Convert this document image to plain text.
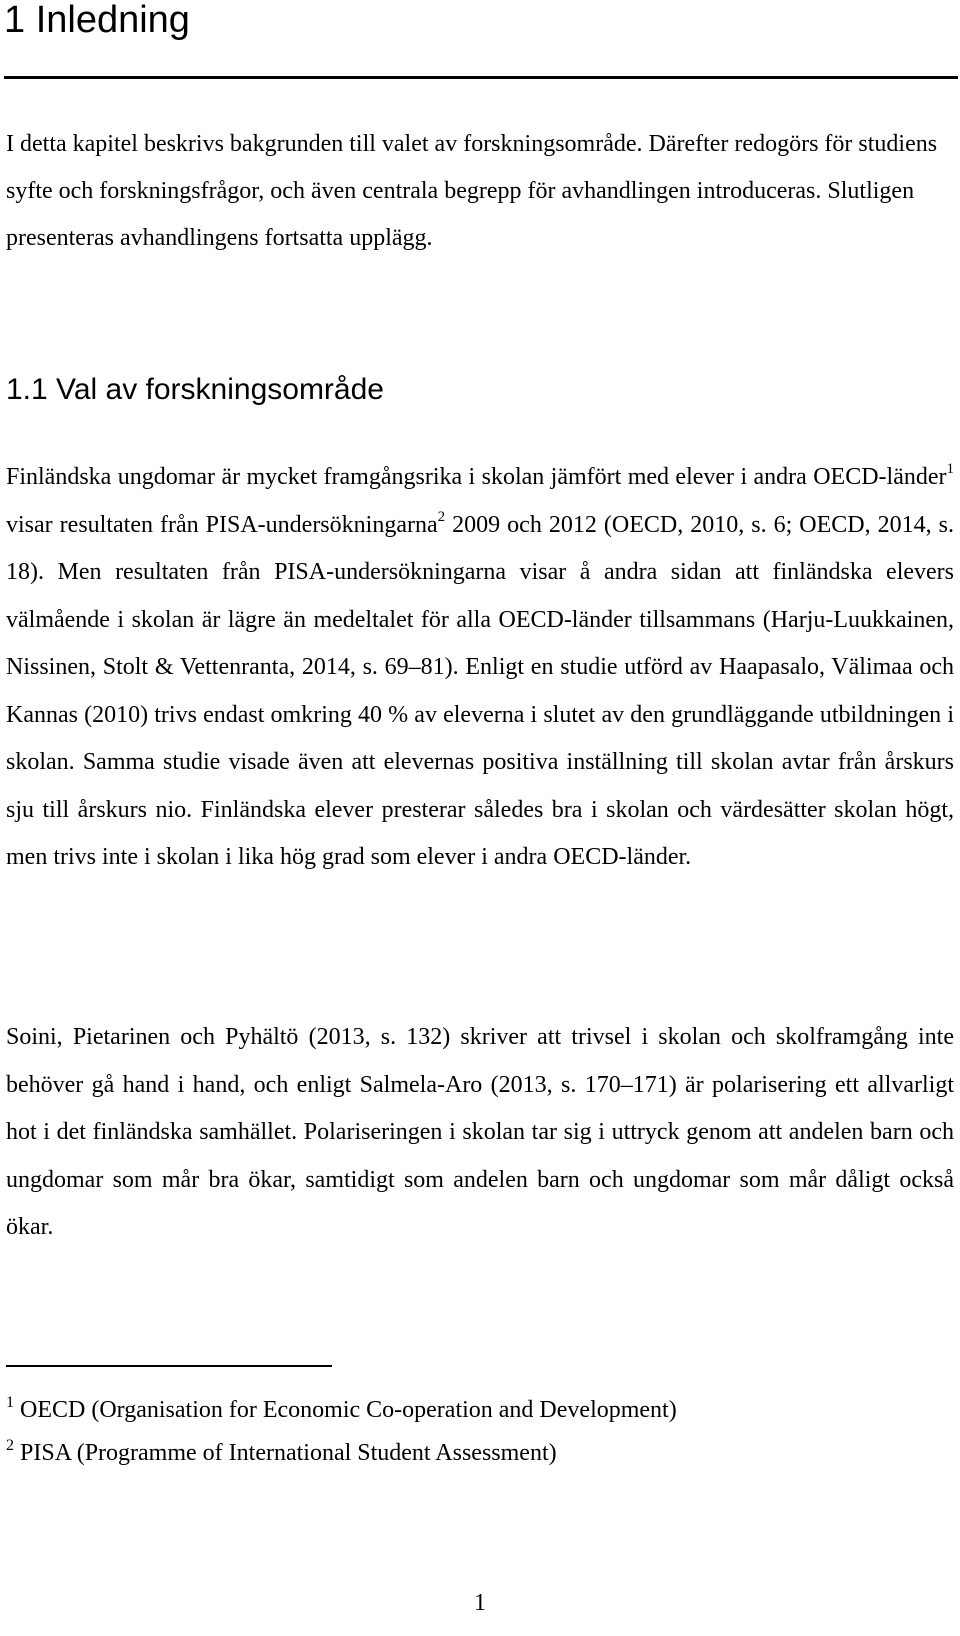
1 Inledning

I detta kapitel beskrivs bakgrunden till valet av forskningsområde. Därefter redogörs för studiens syfte och forskningsfrågor, och även centrala begrepp för avhandlingen introduceras. Slutligen presenteras avhandlingens fortsatta upplägg.

1.1 Val av forskningsområde

Finländska ungdomar är mycket framgångsrika i skolan jämfört med elever i andra OECD-länder$^1$ visar resultaten från PISA-undersökningarna$^2$ 2009 och 2012 (OECD, 2010, s. 6; OECD, 2014, s. 18). Men resultaten från PISA-undersökningarna visar å andra sidan att finländska elevers välmående i skolan är lägre än medeltalet för alla OECD-länder tillsammans (Harju-Luukkainen, Nissinen, Stolt & Vettenranta, 2014, s. 69–81). Enligt en studie utförd av Haapasalo, Välimaa och Kannas (2010) trivs endast omkring 40 % av eleverna i slutet av den grundläggande utbildningen i skolan. Samma studie visade även att elevernas positiva inställning till skolan avtar från årskurs sju till årskurs nio. Finländska elever presterar således bra i skolan och värdesätter skolan högt, men trivs inte i skolan i lika hög grad som elever i andra OECD-länder.

Soini, Pietarinen och Pyhältö (2013, s. 132) skriver att trivsel i skolan och skolframgång inte behöver gå hand i hand, och enligt Salmela-Aro (2013, s. 170–171) är polarisering ett allvarligt hot i det finländska samhället. Polariseringen i skolan tar sig i uttryck genom att andelen barn och ungdomar som mår bra ökar, samtidigt som andelen barn och ungdomar som mår dåligt också ökar.

$^1$ OECD (Organisation for Economic Co-operation and Development)

$^2$ PISA (Programme of International Student Assessment)

1
